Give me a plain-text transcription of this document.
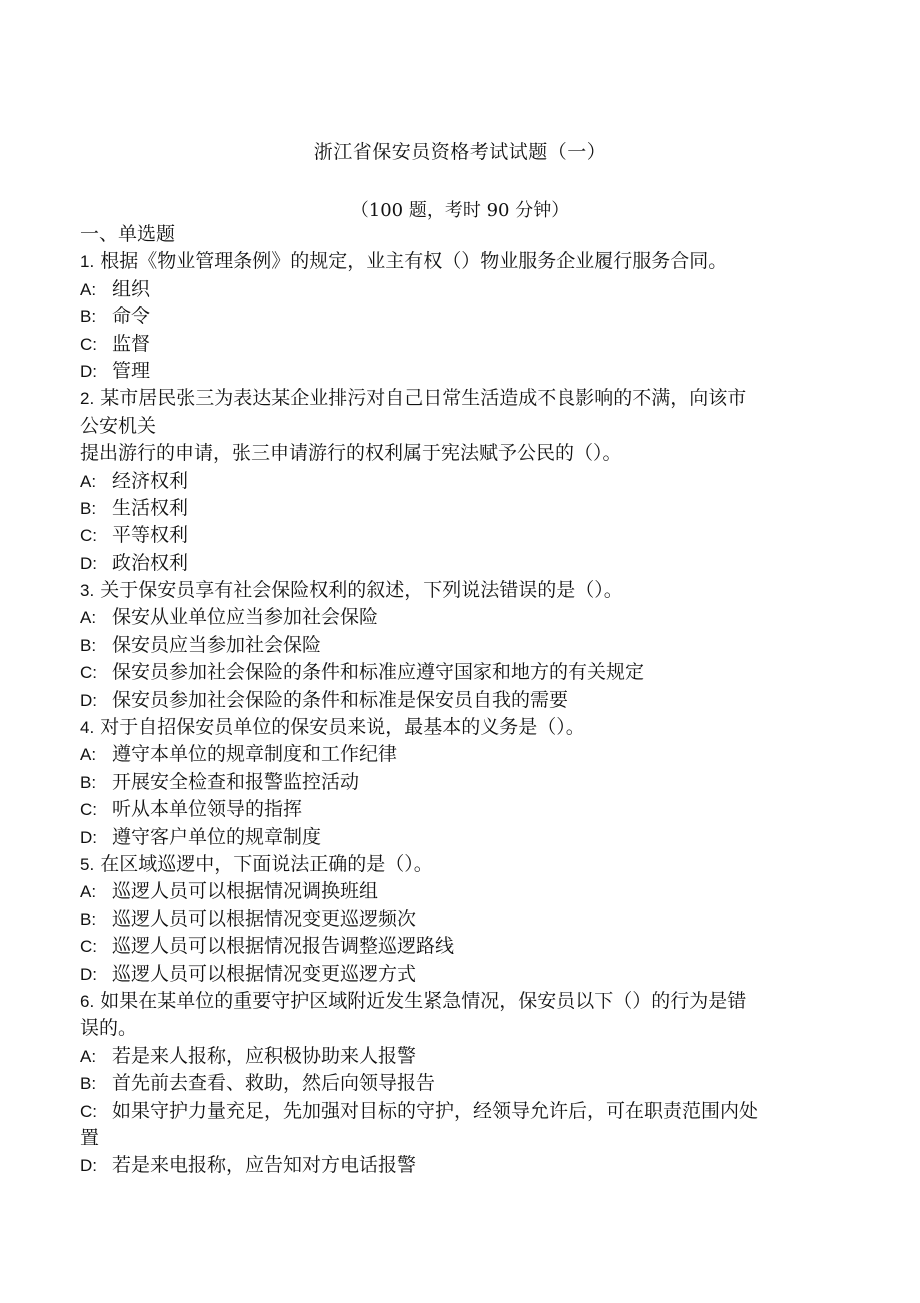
浙江省保安员资格考试试题（一）
（100 题，考时 90 分钟）
一、单选题
1. 根据《物业管理条例》的规定，业主有权（）物业服务企业履行服务合同。
A: 组织
B: 命令
C: 监督
D: 管理
2. 某市居民张三为表达某企业排污对自己日常生活造成不良影响的不满，向该市
公安机关
提出游行的申请，张三申请游行的权利属于宪法赋予公民的（）。
A: 经济权利
B: 生活权利
C: 平等权利
D: 政治权利
3. 关于保安员享有社会保险权利的叙述，下列说法错误的是（）。
A: 保安从业单位应当参加社会保险
B: 保安员应当参加社会保险
C: 保安员参加社会保险的条件和标准应遵守国家和地方的有关规定
D: 保安员参加社会保险的条件和标准是保安员自我的需要
4. 对于自招保安员单位的保安员来说，最基本的义务是（）。
A: 遵守本单位的规章制度和工作纪律
B: 开展安全检查和报警监控活动
C: 听从本单位领导的指挥
D: 遵守客户单位的规章制度
5. 在区域巡逻中，下面说法正确的是（）。
A: 巡逻人员可以根据情况调换班组
B: 巡逻人员可以根据情况变更巡逻频次
C: 巡逻人员可以根据情况报告调整巡逻路线
D: 巡逻人员可以根据情况变更巡逻方式
6. 如果在某单位的重要守护区域附近发生紧急情况，保安员以下（）的行为是错
误的。
A: 若是来人报称，应积极协助来人报警
B: 首先前去查看、救助，然后向领导报告
C: 如果守护力量充足，先加强对目标的守护，经领导允许后，可在职责范围内处
置
D: 若是来电报称，应告知对方电话报警
